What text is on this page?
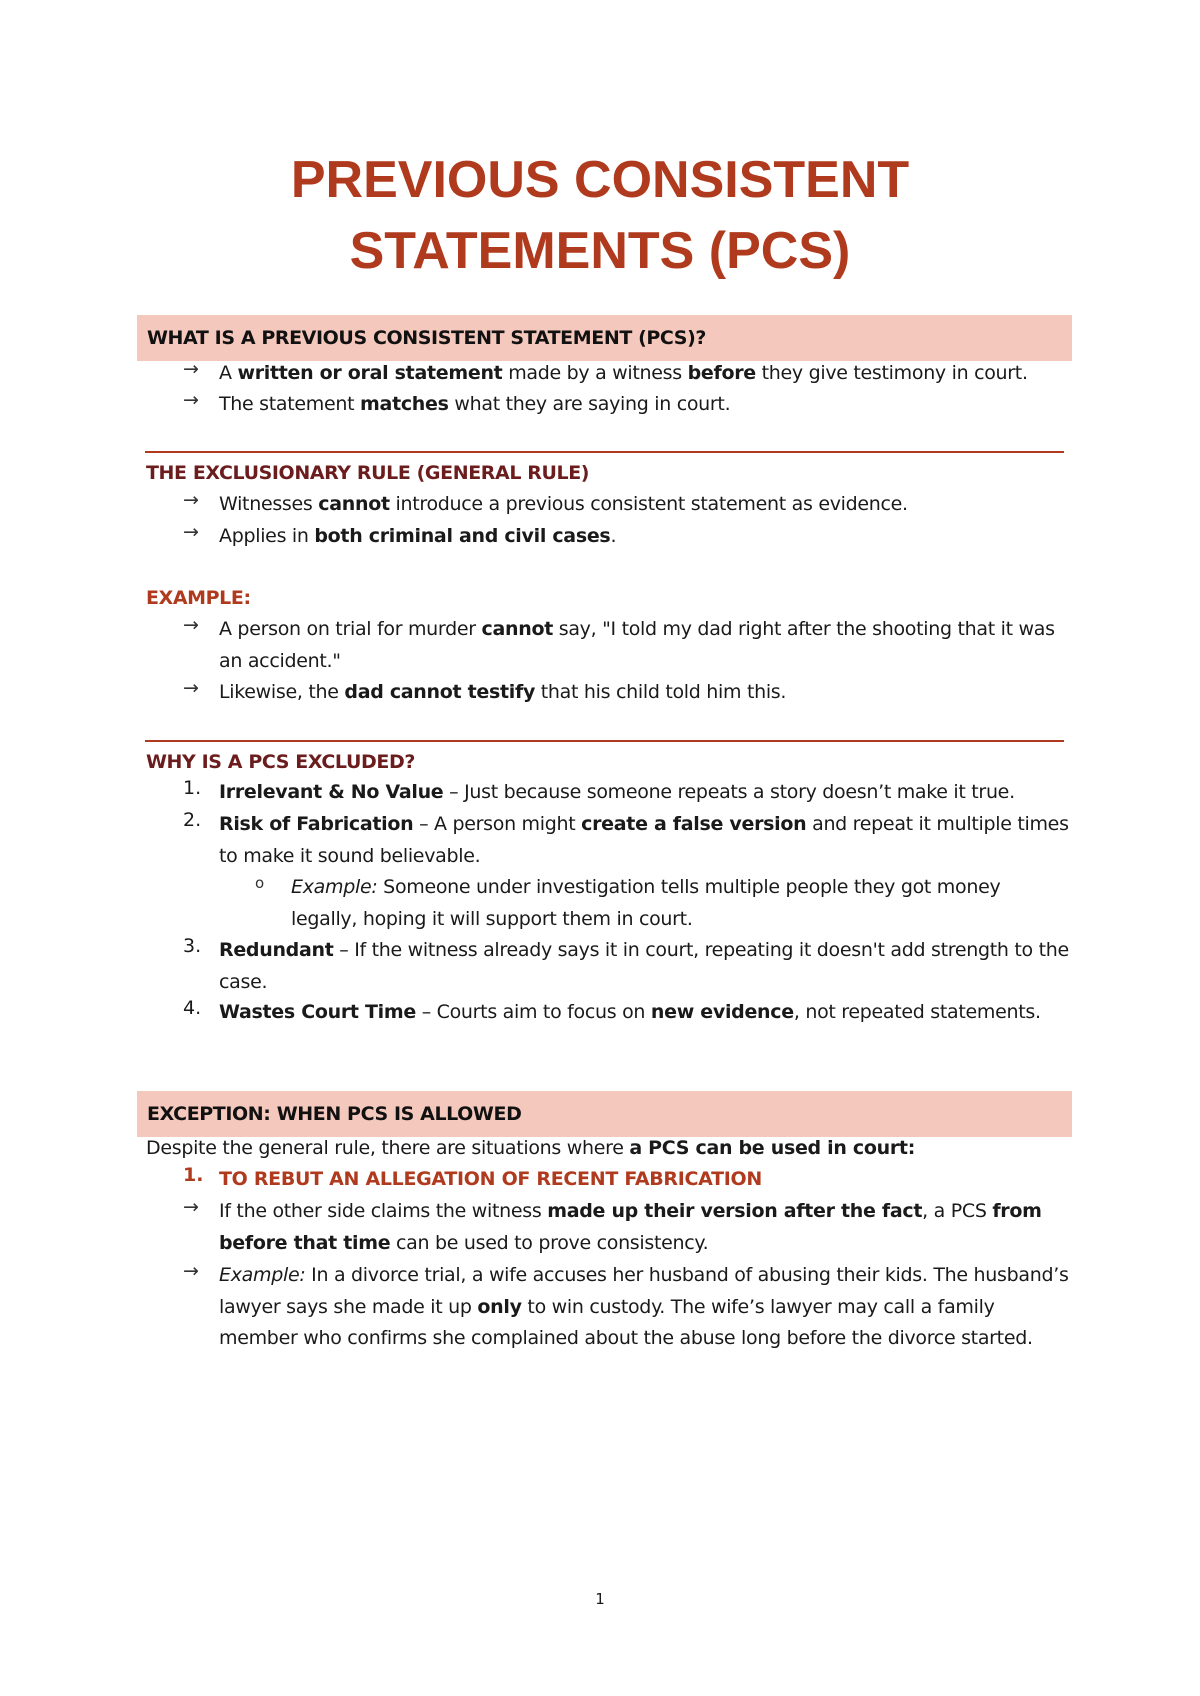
PREVIOUS CONSISTENT
STATEMENTS (PCS)
WHAT IS A PREVIOUS CONSISTENT STATEMENT (PCS)?
→ A written or oral statement made by a witness before they give testimony in court.
→ The statement matches what they are saying in court.
THE EXCLUSIONARY RULE (GENERAL RULE)
→ Witnesses cannot introduce a previous consistent statement as evidence.
→ Applies in both criminal and civil cases.
EXAMPLE:
→ A person on trial for murder cannot say, "I told my dad right after the shooting that it was an accident."
→ Likewise, the dad cannot testify that his child told him this.
WHY IS A PCS EXCLUDED?
1. Irrelevant & No Value – Just because someone repeats a story doesn’t make it true.
2. Risk of Fabrication – A person might create a false version and repeat it multiple times to make it sound believable.
o Example: Someone under investigation tells multiple people they got money legally, hoping it will support them in court.
3. Redundant – If the witness already says it in court, repeating it doesn't add strength to the case.
4. Wastes Court Time – Courts aim to focus on new evidence, not repeated statements.
EXCEPTION: WHEN PCS IS ALLOWED
Despite the general rule, there are situations where a PCS can be used in court:
1. TO REBUT AN ALLEGATION OF RECENT FABRICATION
→ If the other side claims the witness made up their version after the fact, a PCS from before that time can be used to prove consistency.
→ Example: In a divorce trial, a wife accuses her husband of abusing their kids. The husband’s lawyer says she made it up only to win custody. The wife’s lawyer may call a family member who confirms she complained about the abuse long before the divorce started.
1
